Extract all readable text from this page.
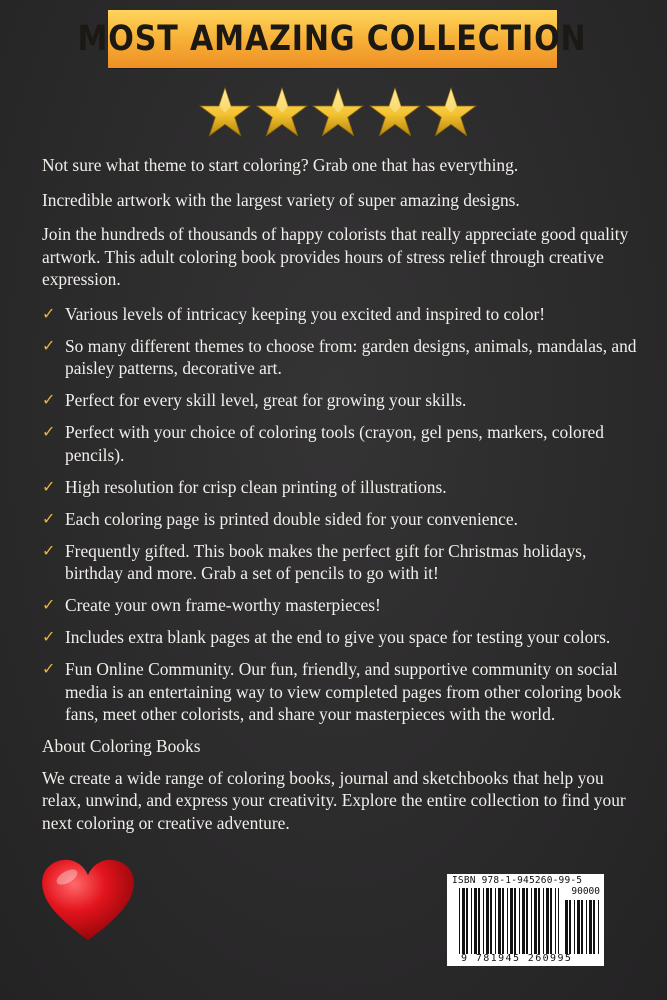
MOST AMAZING COLLECTION

Not sure what theme to start coloring? Grab one that has everything.

Incredible artwork with the largest variety of super amazing designs.

Join the hundreds of thousands of happy colorists that really appreciate good quality artwork. This adult coloring book provides hours of stress relief through creative expression.

✓ Various levels of intricacy keeping you excited and inspired to color!
✓ So many different themes to choose from: garden designs, animals, mandalas, and paisley patterns, decorative art.
✓ Perfect for every skill level, great for growing your skills.
✓ Perfect with your choice of coloring tools (crayon, gel pens, markers, colored pencils).
✓ High resolution for crisp clean printing of illustrations.
✓ Each coloring page is printed double sided for your convenience.
✓ Frequently gifted. This book makes the perfect gift for Christmas holidays, birthday and more. Grab a set of pencils to go with it!
✓ Create your own frame-worthy masterpieces!
✓ Includes extra blank pages at the end to give you space for testing your colors.
✓ Fun Online Community. Our fun, friendly, and supportive community on social media is an entertaining way to view completed pages from other coloring book fans, meet other colorists, and share your masterpieces with the world.

About Coloring Books

We create a wide range of coloring books, journal and sketchbooks that help you relax, unwind, and express your creativity. Explore the entire collection to find your next coloring or creative adventure.

ISBN 978-1-945260-99-5
90000
9 781945 260995
